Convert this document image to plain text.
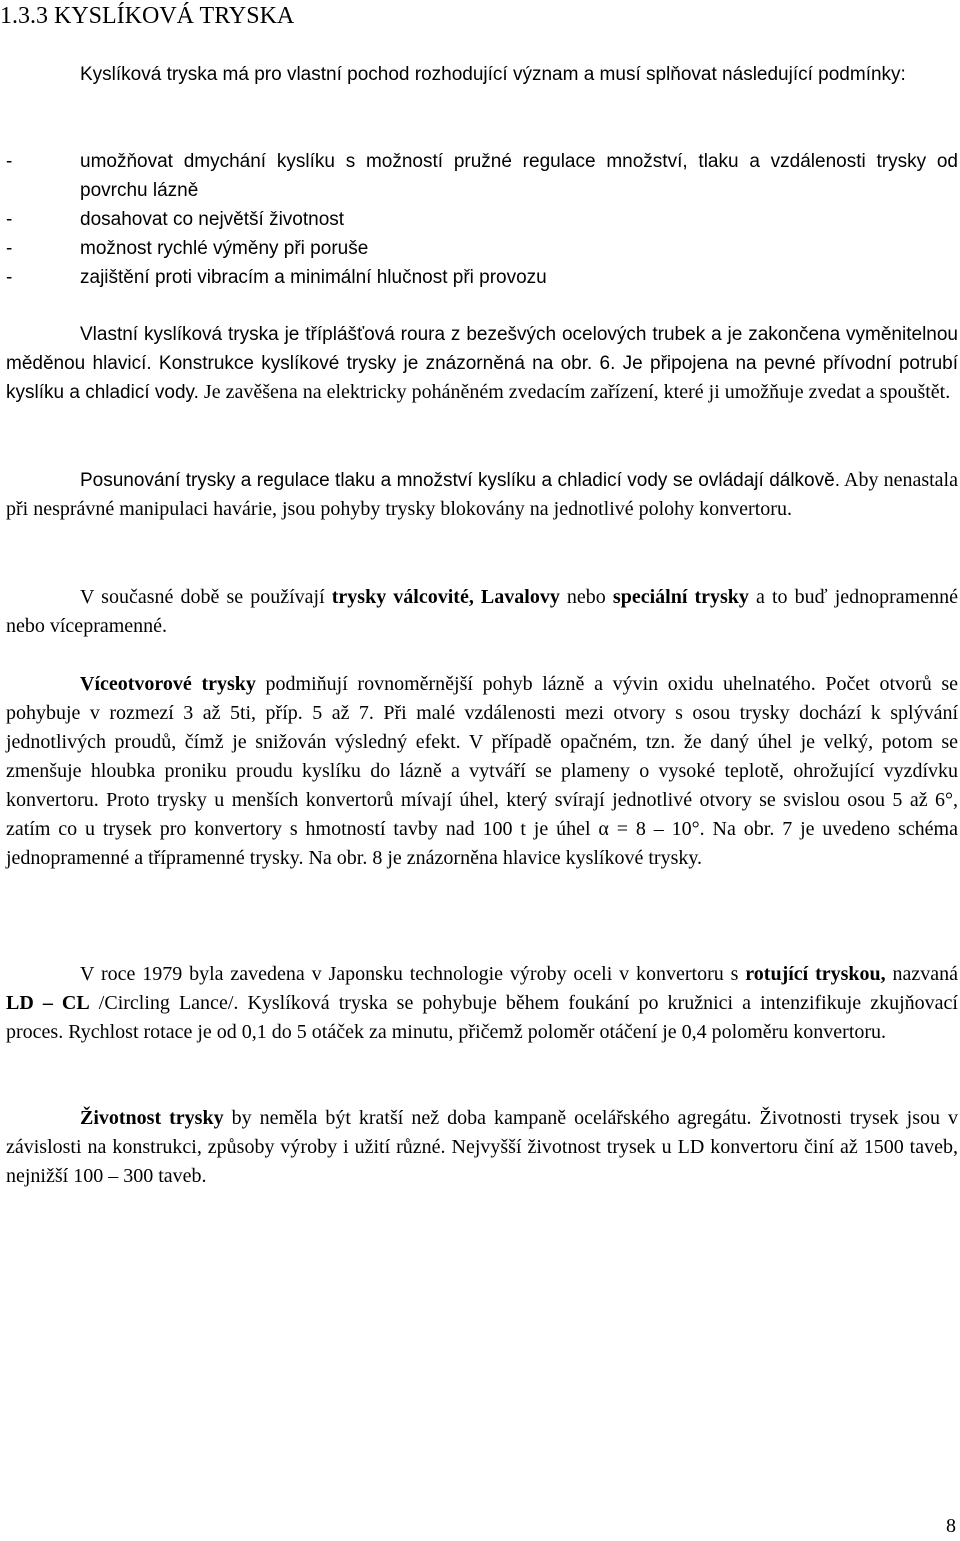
1.3.3 KYSLÍKOVÁ TRYSKA

Kyslíková tryska má pro vlastní pochod rozhodující význam a musí splňovat následující podmínky:

-	umožňovat dmychání kyslíku s možností pružné regulace množství, tlaku a vzdálenosti trysky od povrchu lázně
-	dosahovat co největší životnost
-	možnost rychlé výměny při poruše
-	zajištění proti vibracím a minimální hlučnost při provozu

Vlastní kyslíková tryska je tříplášťová roura z bezešvých ocelových trubek a je zakončena vyměnitelnou měděnou hlavicí. Konstrukce kyslíkové trysky je znázorněná na obr. 6. Je připojena na pevné přívodní potrubí kyslíku a chladicí vody. Je zavěšena na elektricky poháněném zvedacím zařízení, které ji umožňuje zvedat a spouštět.

Posunování trysky a regulace tlaku a množství kyslíku a chladicí vody se ovládají dálkově. Aby nenastala při nesprávné manipulaci havárie, jsou pohyby trysky blokovány na jednotlivé polohy konvertoru.

V současné době se používají trysky válcovité, Lavalovy nebo speciální trysky a to buď jednopramenné nebo vícepramenné.

Víceotvorové trysky podmiňují rovnoměrnější pohyb lázně a vývin oxidu uhelnatého. Počet otvorů se pohybuje v rozmezí 3 až 5ti, příp. 5 až 7. Při malé vzdálenosti mezi otvory s osou trysky dochází k splývání jednotlivých proudů, čímž je snižován výsledný efekt. V případě opačném, tzn. že daný úhel je velký, potom se zmenšuje hloubka proniku proudu kyslíku do lázně a vytváří se plameny o vysoké teplotě, ohrožující vyzdívku konvertoru. Proto trysky u menších konvertorů mívají úhel, který svírají jednotlivé otvory se svislou osou 5 až 6°, zatím co u trysek pro konvertory s hmotností tavby nad 100 t je úhel α = 8 – 10°. Na obr. 7 je uvedeno schéma jednopramenné a třípramenné trysky. Na obr. 8 je znázorněna hlavice kyslíkové trysky.

V roce 1979 byla zavedena v Japonsku technologie výroby oceli v konvertoru s rotující tryskou, nazvaná LD – CL /Circling Lance/. Kyslíková tryska se pohybuje během foukání po kružnici a intenzifikuje zkujňovací proces. Rychlost rotace je od 0,1 do 5 otáček za minutu, přičemž poloměr otáčení je 0,4 poloměru konvertoru.

Životnost trysky by neměla být kratší než doba kampaně ocelářského agregátu. Životnosti trysek jsou v závislosti na konstrukci, způsoby výroby i užití různé. Nejvyšší životnost trysek u LD konvertoru činí až 1500 taveb, nejnižší 100 – 300 taveb.

8
